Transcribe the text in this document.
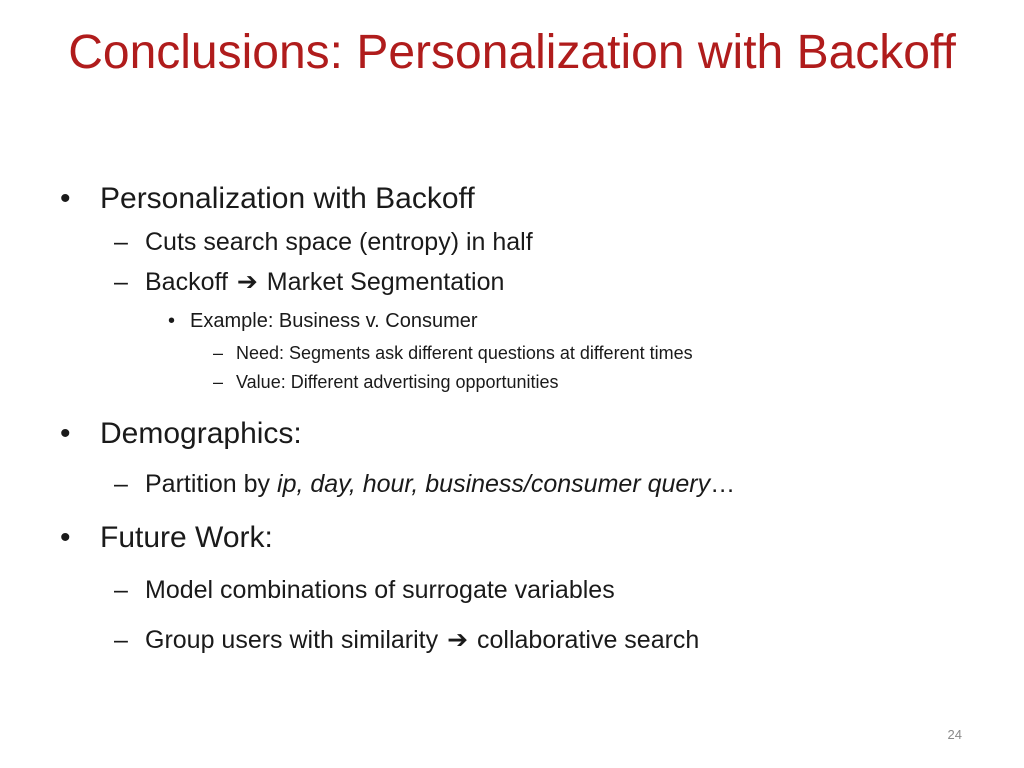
Conclusions: Personalization with Backoff
• Personalization with Backoff
– Cuts search space (entropy) in half
– Backoff ➔ Market Segmentation
• Example: Business v. Consumer
– Need: Segments ask different questions at different times
– Value: Different advertising opportunities
• Demographics:
– Partition by ip, day, hour, business/consumer query…
• Future Work:
– Model combinations of surrogate variables
– Group users with similarity ➔ collaborative search
24
